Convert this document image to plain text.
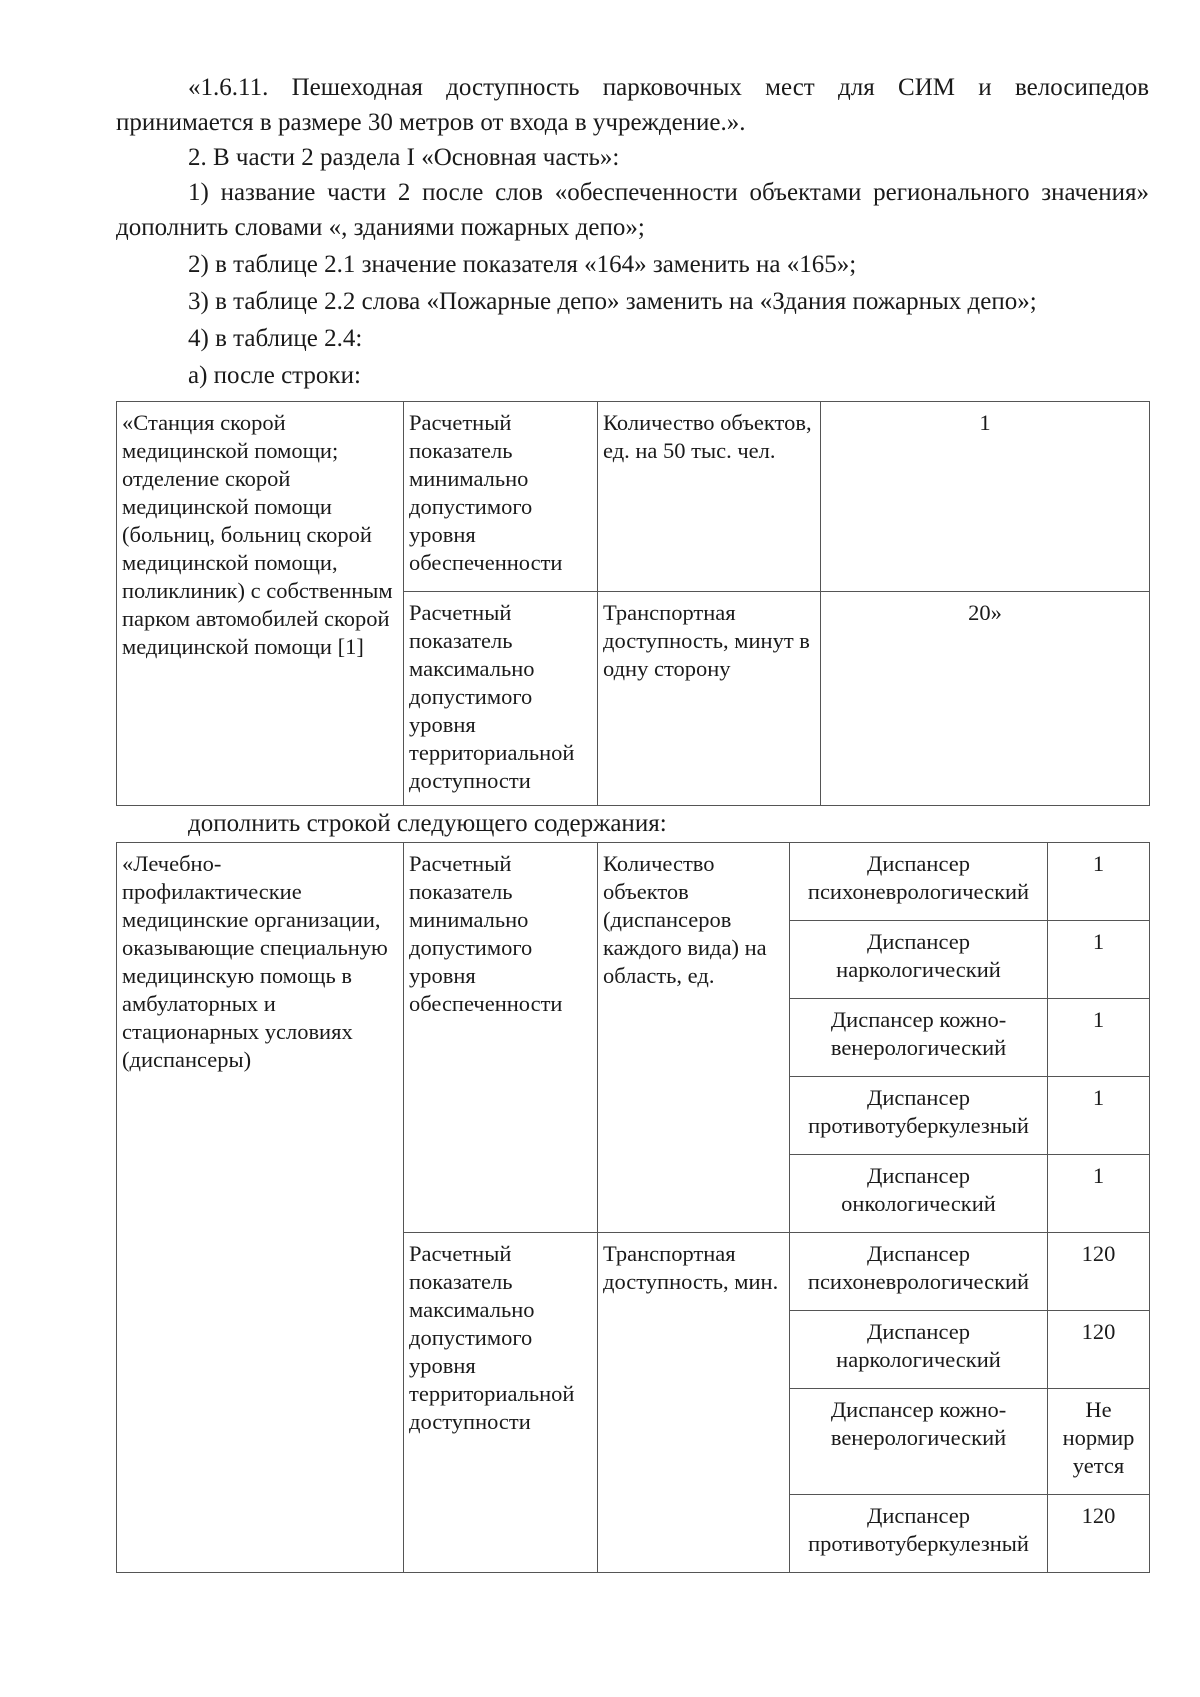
«1.6.11. Пешеходная доступность парковочных мест для СИМ и велосипедов принимается в размере 30 метров от входа в учреждение.».

2. В части 2 раздела I «Основная часть»:

1) название части 2 после слов «обеспеченности объектами регионального значения» дополнить словами «, зданиями пожарных депо»;

2) в таблице 2.1 значение показателя «164» заменить на «165»;

3) в таблице 2.2 слова «Пожарные депо» заменить на «Здания пожарных депо»;

4) в таблице 2.4:

а) после строки:

«Станция скорой медицинской помощи; отделение скорой медицинской помощи (больниц, больниц скорой медицинской помощи, поликлиник) с собственным парком автомобилей скорой медицинской помощи [1]	Расчетный показатель минимально допустимого уровня обеспеченности	Количество объектов, ед. на 50 тыс. чел.	1
	Расчетный показатель максимально допустимого уровня территориальной доступности	Транспортная доступность, минут в одну сторону	20»

дополнить строкой следующего содержания:

«Лечебно-профилактические медицинские организации, оказывающие специальную медицинскую помощь в амбулаторных и стационарных условиях (диспансеры)	Расчетный показатель минимально допустимого уровня обеспеченности	Количество объектов (диспансеров каждого вида) на область, ед.	Диспансер психоневрологический	1
			Диспансер наркологический	1
			Диспансер кожно-венерологический	1
			Диспансер противотуберкулезный	1
			Диспансер онкологический	1
	Расчетный показатель максимально допустимого уровня территориальной доступности	Транспортная доступность, мин.	Диспансер психоневрологический	120
			Диспансер наркологический	120
			Диспансер кожно-венерологический	Не нормир уется
			Диспансер противотуберкулезный	120
